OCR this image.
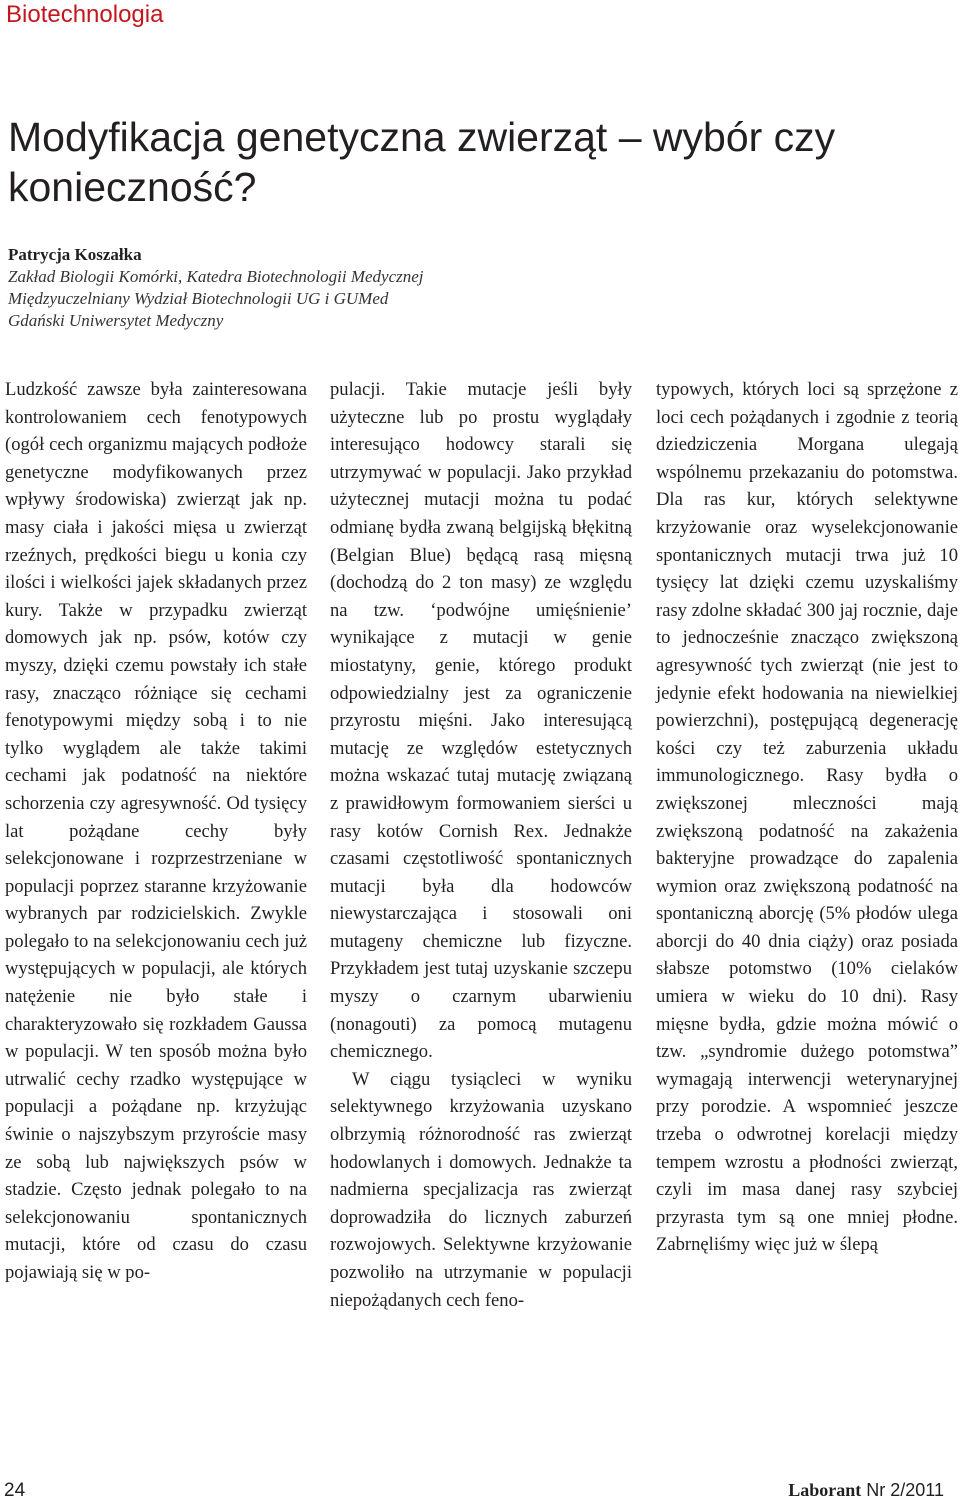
Biotechnologia
Modyfikacja genetyczna zwierząt – wybór czy konieczność?
Patrycja Koszałka
Zakład Biologii Komórki, Katedra Biotechnologii Medycznej
Międzyuczelniany Wydział Biotechnologii UG i GUMed
Gdański Uniwersytet Medyczny

Ludzkość zawsze była zainteresowana kontrolowaniem cech fenotypowych (ogół cech organizmu mających podłoże genetyczne modyfikowanych przez wpływy środowiska) zwierząt jak np. masy ciała i jakości mięsa u zwierząt rzeźnych, prędkości biegu u konia czy ilości i wielkości jajek składanych przez kury. Także w przypadku zwierząt domowych jak np. psów, kotów czy myszy, dzięki czemu powstały ich stałe rasy, znacząco różniące się cechami fenotypowymi między sobą i to nie tylko wyglądem ale także takimi cechami jak podatność na niektóre schorzenia czy agresywność. Od tysięcy lat pożądane cechy były selekcjonowane i rozprzestrzeniane w populacji poprzez staranne krzyżowanie wybranych par rodzicielskich. Zwykle polegało to na selekcjonowaniu cech już występujących w populacji, ale których natężenie nie było stałe i charakteryzowało się rozkładem Gaussa w populacji. W ten sposób można było utrwalić cechy rzadko występujące w populacji a pożądane np. krzyżując świnie o najszybszym przyroście masy ze sobą lub największych psów w stadzie. Często jednak polegało to na selekcjonowaniu spontanicznych mutacji, które od czasu do czasu pojawiają się w po-

pulacji. Takie mutacje jeśli były użyteczne lub po prostu wyglądały interesująco hodowcy starali się utrzymywać w populacji. Jako przykład użytecznej mutacji można tu podać odmianę bydła zwaną belgijską błękitną (Belgian Blue) będącą rasą mięsną (dochodzą do 2 ton masy) ze względu na tzw. ‘podwójne umięśnienie’ wynikające z mutacji w genie miostatyny, genie, którego produkt odpowiedzialny jest za ograniczenie przyrostu mięśni. Jako interesującą mutację ze względów estetycznych można wskazać tutaj mutację związaną z prawidłowym formowaniem sierści u rasy kotów Cornish Rex. Jednakże czasami częstotliwość spontanicznych mutacji była dla hodowców niewystarczająca i stosowali oni mutageny chemiczne lub fizyczne. Przykładem jest tutaj uzyskanie szczepu myszy o czarnym ubarwieniu (nonagouti) za pomocą mutagenu chemicznego.

W ciągu tysiącleci w wyniku selektywnego krzyżowania uzyskano olbrzymią różnorodność ras zwierząt hodowlanych i domowych. Jednakże ta nadmierna specjalizacja ras zwierząt doprowadziła do licznych zaburzeń rozwojowych. Selektywne krzyżowanie pozwoliło na utrzymanie w populacji niepożądanych cech feno-

typowych, których loci są sprzężone z loci cech pożądanych i zgodnie z teorią dziedziczenia Morgana ulegają wspólnemu przekazaniu do potomstwa. Dla ras kur, których selektywne krzyżowanie oraz wyselekcjonowanie spontanicznych mutacji trwa już 10 tysięcy lat dzięki czemu uzyskaliśmy rasy zdolne składać 300 jaj rocznie, daje to jednocześnie znacząco zwiększoną agresywność tych zwierząt (nie jest to jedynie efekt hodowania na niewielkiej powierzchni), postępującą degenerację kości czy też zaburzenia układu immunologicznego. Rasy bydła o zwiększonej mleczności mają zwiększoną podatność na zakażenia bakteryjne prowadzące do zapalenia wymion oraz zwiększoną podatność na spontaniczną aborcję (5% płodów ulega aborcji do 40 dnia ciąży) oraz posiada słabsze potomstwo (10% cielaków umiera w wieku do 10 dni). Rasy mięsne bydła, gdzie można mówić o tzw. „syndromie dużego potomstwa” wymagają interwencji weterynaryjnej przy porodzie. A wspomnieć jeszcze trzeba o odwrotnej korelacji między tempem wzrostu a płodności zwierząt, czyli im masa danej rasy szybciej przyrasta tym są one mniej płodne. Zabrnęliśmy więc już w ślepą

24	Laborant Nr 2/2011
